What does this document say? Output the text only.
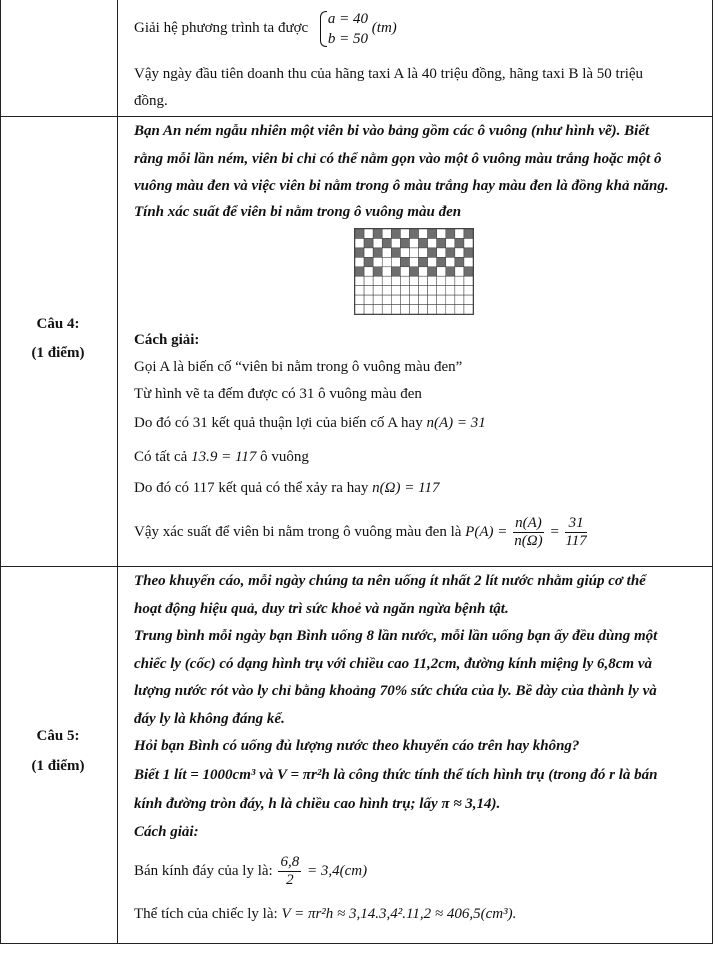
Giải hệ phương trình ta được
a = 40
b = 50
(tm)
Vậy ngày đầu tiên doanh thu của hãng taxi A là 40 triệu đồng, hãng taxi B là 50 triệu
đồng.
Câu 4:
(1 điểm)
Bạn An ném ngẫu nhiên một viên bi vào bảng gồm các ô vuông (như hình vẽ). Biết
rằng mỗi lần ném, viên bi chỉ có thể nằm gọn vào một ô vuông màu trắng hoặc một ô
vuông màu đen và việc viên bi nằm trong ô màu trắng hay màu đen là đồng khả năng.
Tính xác suất để viên bi nằm trong ô vuông màu đen
Cách giải:
Gọi A là biến cố “viên bi nằm trong ô vuông màu đen”
Từ hình vẽ ta đếm được có 31 ô vuông màu đen
Do đó có 31 kết quả thuận lợi của biến cố A hay n(A) = 31
Có tất cả 13.9 = 117 ô vuông
Do đó có 117 kết quả có thể xảy ra hay n(Ω) = 117
Vậy xác suất để viên bi nằm trong ô vuông màu đen là $P(A) = \frac{n(A)}{n(\Omega)} = \frac{31}{117}$
Câu 5:
(1 điểm)
Theo khuyến cáo, mỗi ngày chúng ta nên uống ít nhất 2 lít nước nhằm giúp cơ thể
hoạt động hiệu quả, duy trì sức khoẻ và ngăn ngừa bệnh tật.
Trung bình mỗi ngày bạn Bình uống 8 lần nước, mỗi lần uống bạn ấy đều dùng một
chiếc ly (cốc) có dạng hình trụ với chiều cao 11,2cm, đường kính miệng ly 6,8cm và
lượng nước rót vào ly chỉ bằng khoảng 70% sức chứa của ly. Bề dày của thành ly và
đáy ly là không đáng kể.
Hỏi bạn Bình có uống đủ lượng nước theo khuyến cáo trên hay không?
Biết 1 lít = 1000cm³ và V = πr²h là công thức tính thể tích hình trụ (trong đó r là bán
kính đường tròn đáy, h là chiều cao hình trụ; lấy π ≈ 3,14).
Cách giải:
Bán kính đáy của ly là: $\frac{6,8}{2} = 3,4(cm)$
Thể tích của chiếc ly là: V = πr²h ≈ 3,14.3,4².11,2 ≈ 406,5(cm³).
